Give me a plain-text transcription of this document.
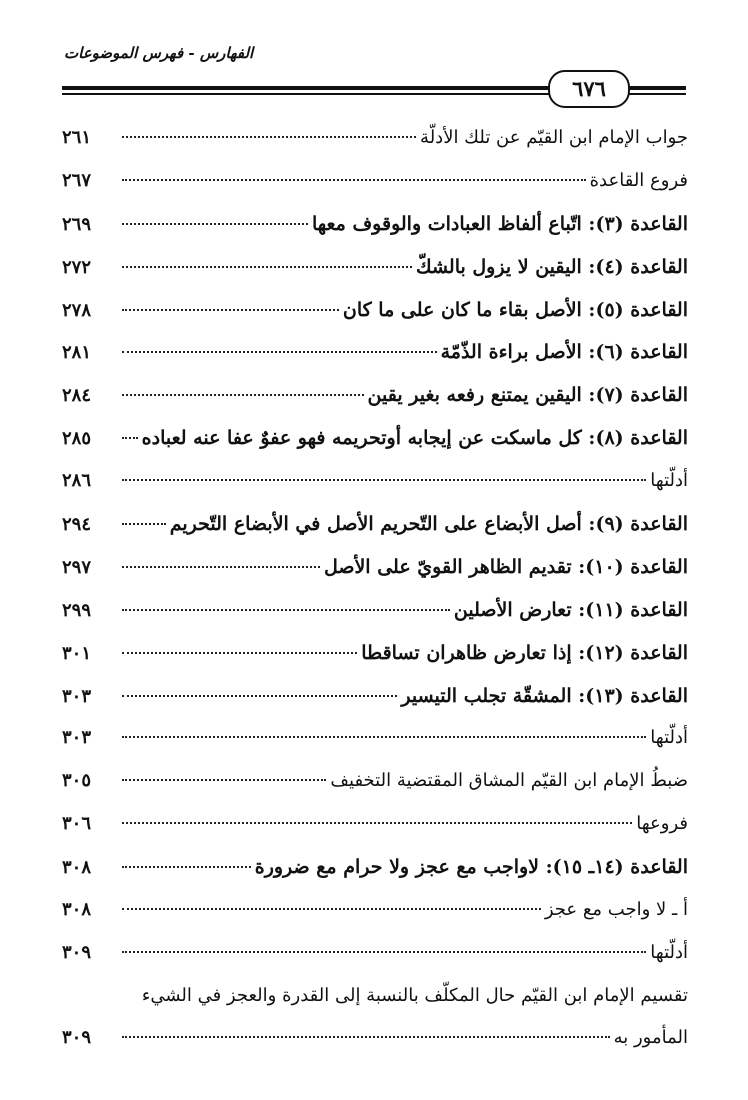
الفهارس - فهرس الموضوعات
٦٧٦
جواب الإمام ابن القيّم عن تلك الأدلّة
٢٦١
فروع القاعدة
٢٦٧
القاعدة (٣): اتّباع ألفاظ العبادات والوقوف معها
٢٦٩
القاعدة (٤): اليقين لا يزول بالشكّ
٢٧٢
القاعدة (٥): الأصل بقاء ما كان على ما كان
٢٧٨
القاعدة (٦): الأصل براءة الذّمّة
٢٨١
القاعدة (٧): اليقين يمتنع رفعه بغير يقين
٢٨٤
القاعدة (٨): كل ماسكت عن إيجابه أوتحريمه فهو عفوٌ عفا عنه لعباده
٢٨٥
أدلّتها
٢٨٦
القاعدة (٩): أصل الأبضاع على التّحريم الأصل في الأبضاع التّحريم
٢٩٤
القاعدة (١٠): تقديم الظاهر القويّ على الأصل
٢٩٧
القاعدة (١١): تعارض الأصلين
٢٩٩
القاعدة (١٢): إذا تعارض ظاهران تساقطا
٣٠١
القاعدة (١٣): المشقّة تجلب التيسير
٣٠٣
أدلّتها
٣٠٣
ضبطُ الإمام ابن القيّم المشاق المقتضية التخفيف
٣٠٥
فروعها
٣٠٦
القاعدة (١٤ـ ١٥): لاواجب مع عجز ولا حرام مع ضرورة
٣٠٨
أ ـ لا واجب مع عجز
٣٠٨
أدلّتها
٣٠٩
تقسيم الإمام ابن القيّم حال المكلّف بالنسبة إلى القدرة والعجز في الشيء
المأمور به
٣٠٩
